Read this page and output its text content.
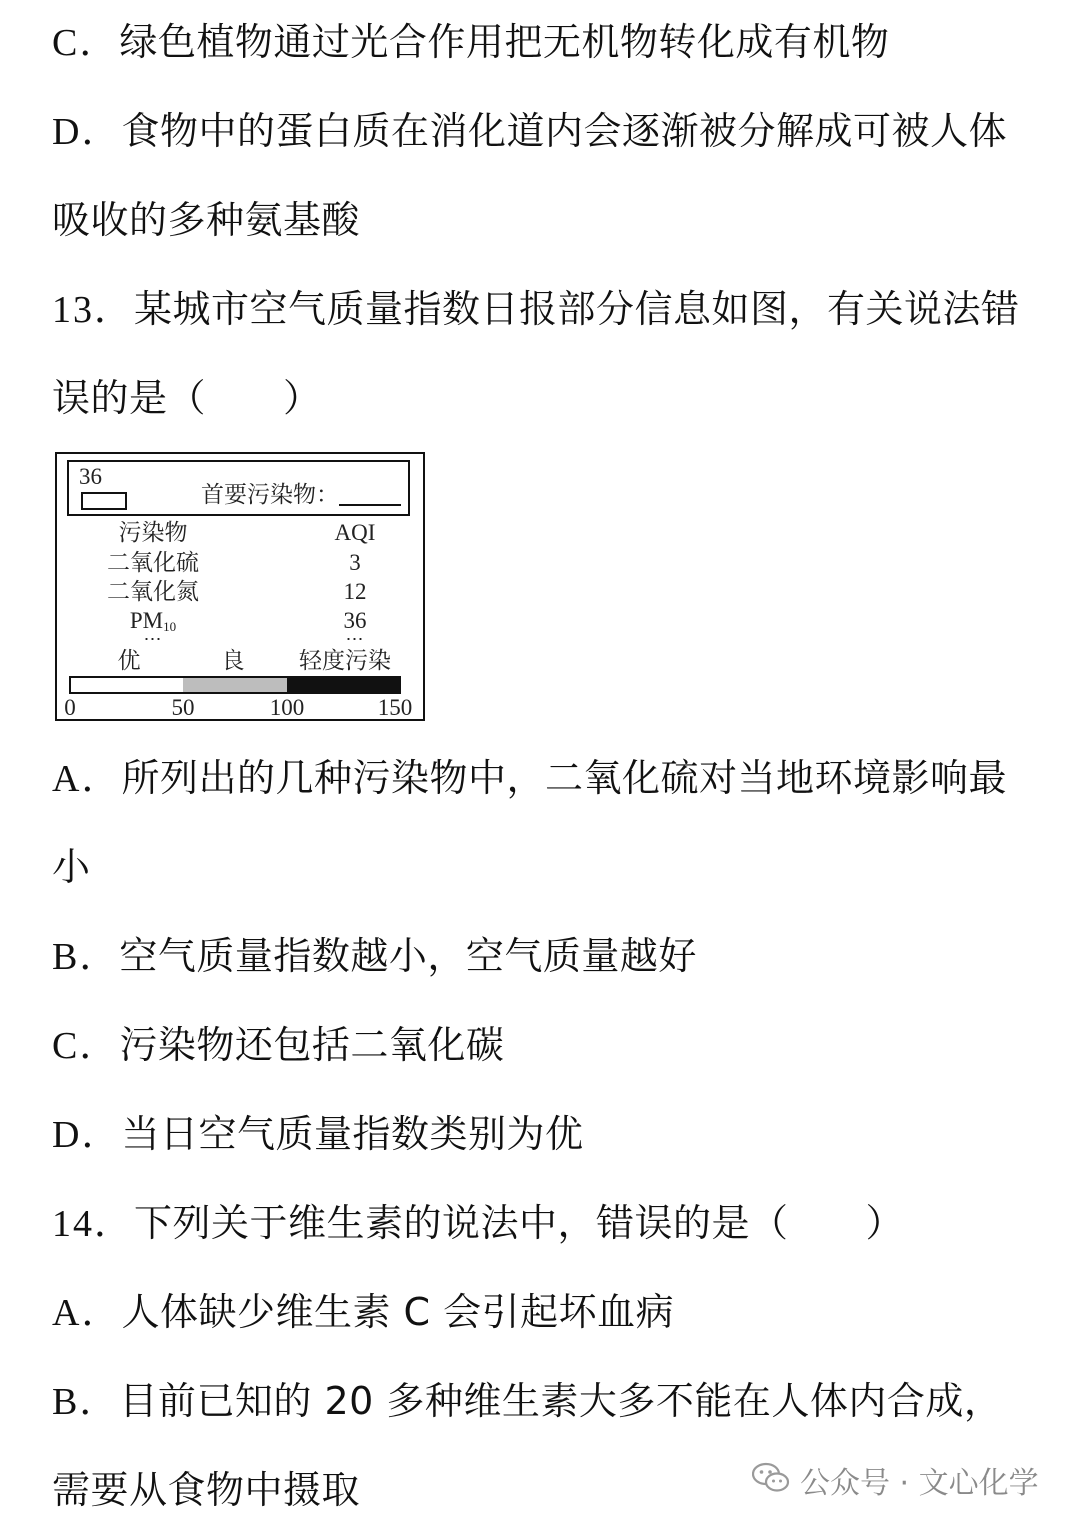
C．绿色植物通过光合作用把无机物转化成有机物
D．食物中的蛋白质在消化道内会逐渐被分解成可被人体
吸收的多种氨基酸
13．某城市空气质量指数日报部分信息如图，有关说法错
误的是（　　）
36
首要污染物：
污染物	AQI
二氧化硫	3
二氧化氮	12
$PM_{10}$	36
⋯	⋯
优	良 轻度污染
0	50	100	150
A．所列出的几种污染物中，二氧化硫对当地环境影响最
小
B．空气质量指数越小，空气质量越好
C．污染物还包括二氧化碳
D．当日空气质量指数类别为优
14．下列关于维生素的说法中，错误的是（　　）
A．人体缺少维生素 C 会引起坏血病
B．目前已知的 20 多种维生素大多不能在人体内合成，
需要从食物中摄取	公众号 · 文心化学
